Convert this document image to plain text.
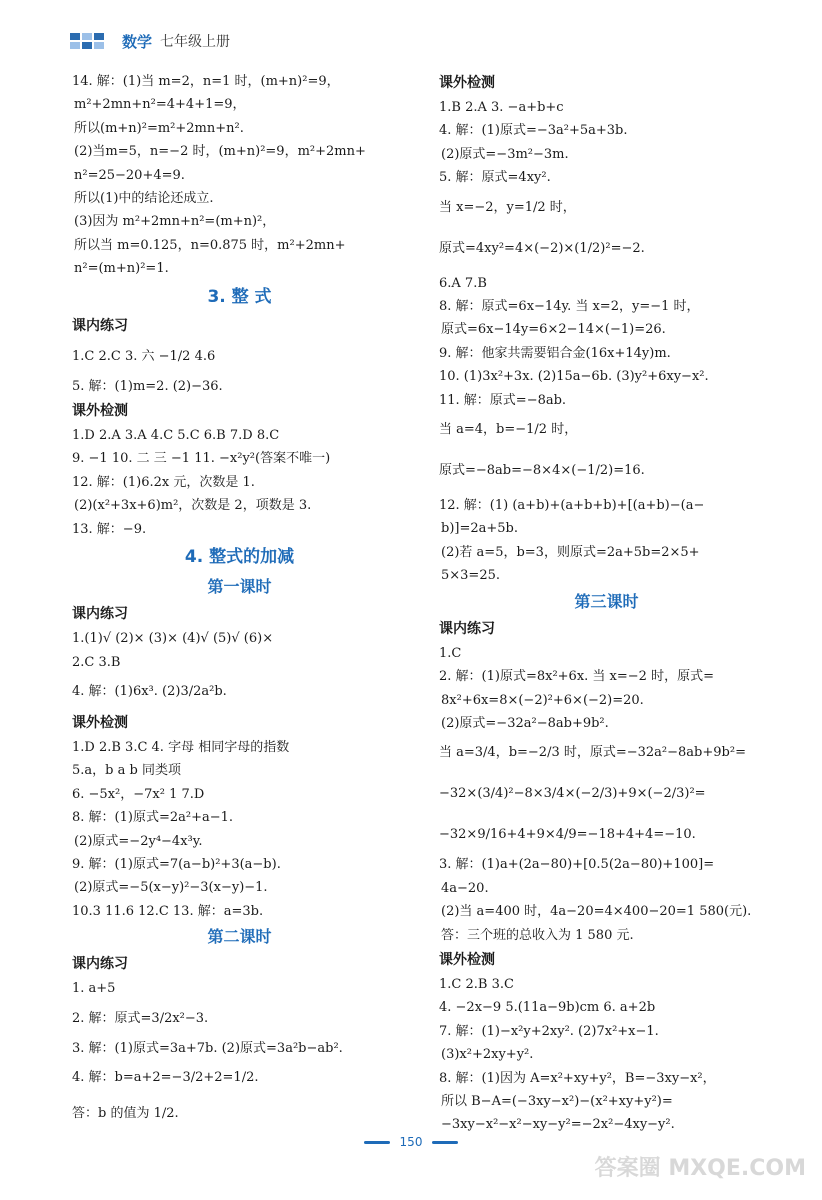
数学 七年级上册
14. 解：(1)当 m=2，n=1 时，(m+n)²=9，
m²+2mn+n²=4+4+1=9，
所以(m+n)²=m²+2mn+n².
(2)当m=5，n=−2 时，(m+n)²=9，m²+2mn+
n²=25−20+4=9.
所以(1)中的结论还成立.
(3)因为 m²+2mn+n²=(m+n)²，
所以当 m=0.125，n=0.875 时，m²+2mn+
n²=(m+n)²=1.
3. 整 式
课内练习
1.C 2.C 3. 六 −1/2 4.6
5. 解：(1)m=2. (2)−36.
课外检测
1.D 2.A 3.A 4.C 5.C 6.B 7.D 8.C
9. −1 10. 二 三 −1 11. −x²y²(答案不唯一)
12. 解：(1)6.2x 元，次数是 1.
(2)(x²+3x+6)m²，次数是 2，项数是 3.
13. 解：−9.
4. 整式的加减
第一课时
课内练习
1.(1)√ (2)× (3)× (4)√ (5)√ (6)×
2.C 3.B
4. 解：(1)6x³. (2)3/2a²b.
课外检测
1.D 2.B 3.C 4. 字母 相同字母的指数
5.a，b a b 同类项
6. −5x²，−7x² 1 7.D
8. 解：(1)原式=2a²+a−1.
(2)原式=−2y⁴−4x³y.
9. 解：(1)原式=7(a−b)²+3(a−b).
(2)原式=−5(x−y)²−3(x−y)−1.
10.3 11.6 12.C 13. 解：a=3b.
第二课时
课内练习
1. a+5
2. 解：原式=3/2x²−3.
3. 解：(1)原式=3a+7b. (2)原式=3a²b−ab².
4. 解：b=a+2=−3/2+2=1/2.
答：b 的值为 1/2.
课外检测
1.B 2.A 3. −a+b+c
4. 解：(1)原式=−3a²+5a+3b.
(2)原式=−3m²−3m.
5. 解：原式=4xy².
当 x=−2，y=1/2 时，
原式=4xy²=4×(−2)×(1/2)²=−2.
6.A 7.B
8. 解：原式=6x−14y. 当 x=2，y=−1 时，
原式=6x−14y=6×2−14×(−1)=26.
9. 解：他家共需要铝合金(16x+14y)m.
10. (1)3x²+3x. (2)15a−6b. (3)y²+6xy−x².
11. 解：原式=−8ab.
当 a=4，b=−1/2 时，
原式=−8ab=−8×4×(−1/2)=16.
12. 解：(1) (a+b)+(a+b+b)+[(a+b)−(a−
b)]=2a+5b.
(2)若 a=5，b=3，则原式=2a+5b=2×5+
5×3=25.
第三课时
课内练习
1.C
2. 解：(1)原式=8x²+6x. 当 x=−2 时，原式=
8x²+6x=8×(−2)²+6×(−2)=20.
(2)原式=−32a²−8ab+9b².
当 a=3/4，b=−2/3 时，原式=−32a²−8ab+9b²=
−32×(3/4)²−8×3/4×(−2/3)+9×(−2/3)²=
−32×9/16+4+9×4/9=−18+4+4=−10.
3. 解：(1)a+(2a−80)+[0.5(2a−80)+100]=
4a−20.
(2)当 a=400 时，4a−20=4×400−20=1 580(元).
答：三个班的总收入为 1 580 元.
课外检测
1.C 2.B 3.C
4. −2x−9 5.(11a−9b)cm 6. a+2b
7. 解：(1)−x²y+2xy². (2)7x²+x−1.
(3)x²+2xy+y².
8. 解：(1)因为 A=x²+xy+y²，B=−3xy−x²，
所以 B−A=(−3xy−x²)−(x²+xy+y²)=
−3xy−x²−x²−xy−y²=−2x²−4xy−y².
150
答案圈 MXQE.COM
